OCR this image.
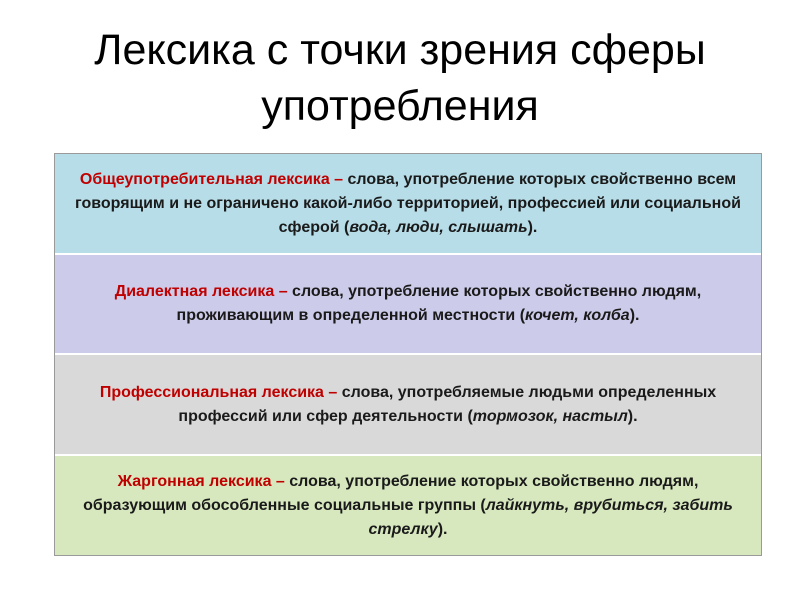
Лексика с точки зрения сферы
употребления
Общеупотребительная лексика – слова, употребление которых свойственно всем говорящим и не ограничено какой-либо территорией, профессией или социальной сферой (вода, люди, слышать).
Диалектная лексика – слова, употребление которых свойственно людям, проживающим в определенной местности (кочет, колба).
Профессиональная лексика – слова, употребляемые людьми определенных профессий или сфер деятельности (тормозок, настыл).
Жаргонная лексика – слова, употребление которых свойственно людям, образующим обособленные социальные группы (лайкнуть, врубиться, забить стрелку).
